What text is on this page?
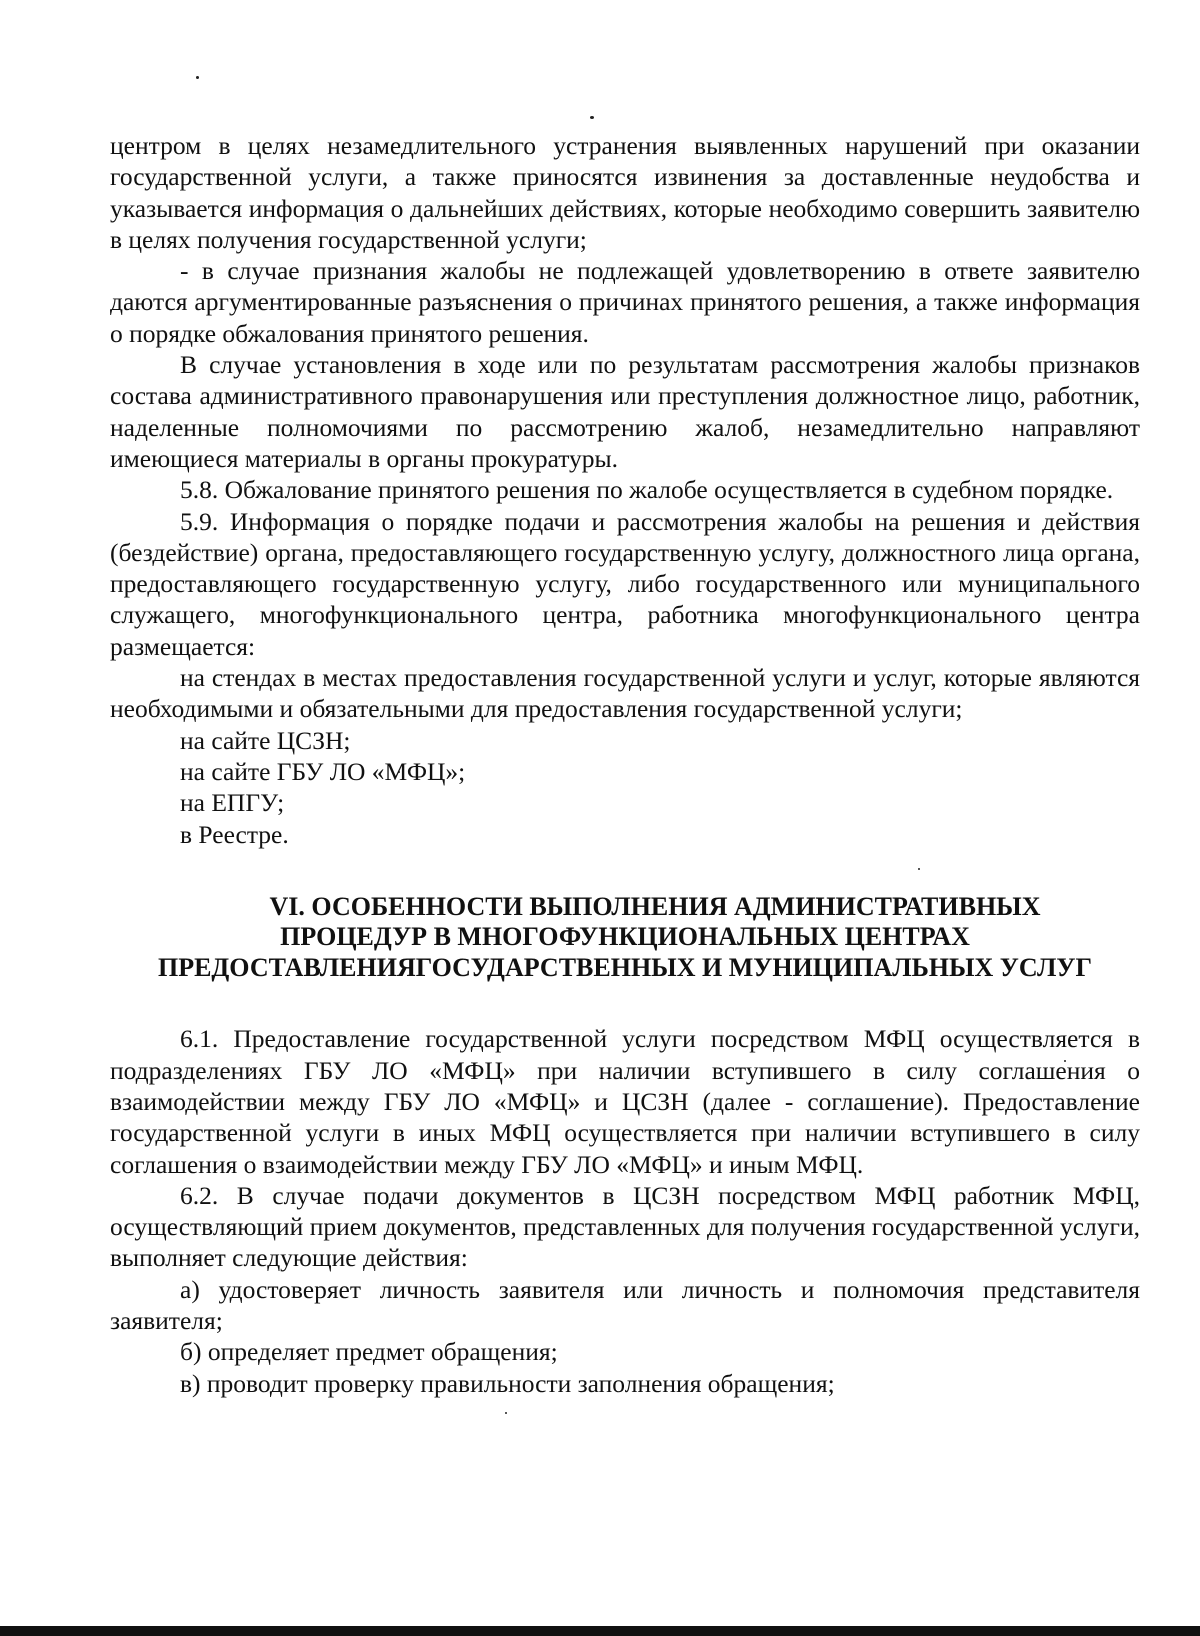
центром в целях незамедлительного устранения выявленных нарушений при оказании государственной услуги, а также приносятся извинения за доставленные неудобства и указывается информация о дальнейших действиях, которые необходимо совершить заявителю в целях получения государственной услуги;

- в случае признания жалобы не подлежащей удовлетворению в ответе заявителю даются аргументированные разъяснения о причинах принятого решения, а также информация о порядке обжалования принятого решения.

В случае установления в ходе или по результатам рассмотрения жалобы признаков состава административного правонарушения или преступления должностное лицо, работник, наделенные полномочиями по рассмотрению жалоб, незамедлительно направляют имеющиеся материалы в органы прокуратуры.

5.8. Обжалование принятого решения по жалобе осуществляется в судебном порядке.

5.9. Информация о порядке подачи и рассмотрения жалобы на решения и действия (бездействие) органа, предоставляющего государственную услугу, должностного лица органа, предоставляющего государственную услугу, либо государственного или муниципального служащего, многофункционального центра, работника многофункционального центра размещается:

на стендах в местах предоставления государственной услуги и услуг, которые являются необходимыми и обязательными для предоставления государственной услуги;

на сайте ЦСЗН;

на сайте ГБУ ЛО «МФЦ»;

на ЕПГУ;

в Реестре.

VI. ОСОБЕННОСТИ ВЫПОЛНЕНИЯ АДМИНИСТРАТИВНЫХ
ПРОЦЕДУР В МНОГОФУНКЦИОНАЛЬНЫХ ЦЕНТРАХ
ПРЕДОСТАВЛЕНИЯГОСУДАРСТВЕННЫХ И МУНИЦИПАЛЬНЫХ УСЛУГ

6.1. Предоставление государственной услуги посредством МФЦ осуществляется в подразделениях ГБУ ЛО «МФЦ» при наличии вступившего в силу соглашения о взаимодействии между ГБУ ЛО «МФЦ» и ЦСЗН (далее - соглашение). Предоставление государственной услуги в иных МФЦ осуществляется при наличии вступившего в силу соглашения о взаимодействии между ГБУ ЛО «МФЦ» и иным МФЦ.

6.2. В случае подачи документов в ЦСЗН посредством МФЦ работник МФЦ, осуществляющий прием документов, представленных для получения государственной услуги, выполняет следующие действия:

а) удостоверяет личность заявителя или личность и полномочия представителя заявителя;

б) определяет предмет обращения;

в) проводит проверку правильности заполнения обращения;
